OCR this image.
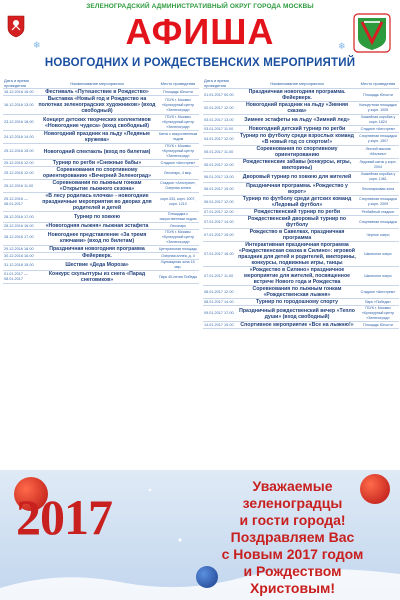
ЗЕЛЕНОГРАДСКИЙ АДМИНИСТРАТИВНЫЙ ОКРУГ ГОРОДА МОСКВЫ
АФИША
НОВОГОДНИХ И РОЖДЕСТВЕНСКИХ МЕРОПРИЯТИЙ
❄	❄
Дата и время проведения	Наименование мероприятия	Место проведения
16.12.2016 16.00	Фестиваль «Путешествие в Рождество»	Площадь Юности
16.12.2016 13.00	Выставка «Новый год и Рождество на полотнах зеленоградских художников» (вход свободный)	ГБУК г. Москвы «Культурный центр «Зеленоград»
23.12.2016 18.00	Концерт детских творческих коллективов «Новогодние чудеса» (вход свободный)	ГБУК г. Москвы «Культурный центр «Зеленоград»
24.12.2016 14.00	Новогодний праздник на льду «Ледяные кружева»	Каток с искусственным льдом
25.12.2016 15.00	Новогодний спектакль (вход по билетам)	ГБУК г. Москвы «Культурный центр «Зеленоград»
25.12.2016 12.00	Турнир по регби «Снежные бабы»	Стадион «Ангстрем»
25.12.2016 12.00	Соревнования по спортивному ориентированию «Вечерний Зеленоград»	Лесопарк, 4 мкр.
25.12.2016 11.00	Соревнования по лыжным гонкам «Открытие лыжного сезона»	Стадион «Ангстрем», Озерная аллея
25.12.2016 — 08.01.2017	«В лесу родилась елочка» - новогодние праздничные мероприятия во дворах для родителей и детей	корп.333, корп. 1007, корп. 1210
28.12.2016 17.00	Турнир по хоккею	Площадка с искусственным льдом
28.12.2016 16.00	«Новогодняя лыжня» лыжная эстафета	Лесопарк
28.12.2016 17.00	Новогоднее представление «За тремя ключами» (вход по билетам)	ГБУК г. Москвы «Культурный центр «Зеленоград»
29.12.2016 18.00	Праздничная новогодняя программа	Центральная площадь
30.12.2016 16.00	Фейерверк.	Озерная аллея, д. 4
31.12.2016 15.00	Шествие «Деда Мороза»	Бульварная зона 15 мкр.
01.01.2017 — 08.01.2017	Конкурс скульптуры из снега «Парад снеговиков»	Парк 40-летия Победы
Дата и время проведения	Наименование мероприятия	Место проведения
01.01.2017 00.00	Праздничная новогодняя программа. Фейерверк.	Площадь Юности
02.01.2017 12.00	Новогодний праздник на льду «Зимняя сказка»	Концертная площадка у корп. 1005
03.01.2017 13.00	Зимнее эстафеты на льду «Зимний лед»	Хоккейная коробка у корп. 1824
03.01.2017 11.00	Новогодний детский турнир по регби	Стадион «Ангстрем»
04.01.2017 12.00	Турнир по футболу среди взрослых команд «В новый год со спортом!»	Спортивная площадка у корп. 1507
05.01.2017 11.00	Соревнования по спортивному ориентированию	Лесной массив «Малино»
05.01.2017 12.00	Рождественские забавы (конкурсы, игры, викторины)	Ледовый каток у корп. 2004
06.01.2017 13.00	Дворовый турнир по хоккею для жителей	Хоккейная коробка у корп. 1461
06.01.2017 15.00	Праздничная программа. «Рождество у ворот»	Лесопарковая зона
06.01.2017 12.00	Турнир по футболу среди детских команд «Ледовый футбол»	Спортивная площадка у корп. 2009
07.01.2017 12.00	Рождественский турнир по регби	Регбийный стадион
07.01.2017 14.00	Рождественский дворовый турнир по футболу	Спортивная площадка
07.01.2017 15.00	Рождество в Савелках, праздничная программа	Черное озеро
07.01.2017 16.00	Интерактивная праздничная программа «Рождественская сказка в Силино»: игровой праздник для детей и родителей, викторины, конкурсы, подвижные игры, танцы	Школьное озеро
07.01.2017 11.00	«Рождество в Силино» праздничное мероприятие для жителей, посвященное встрече Нового года и Рождества	Школьное озеро
08.01.2017 12.00	Соревнования по лыжным гонкам «Рождественская лыжня»	Стадион «Ангстрем»
08.01.2017 14.00	Турнир по городошному спорту	Парк «Победы»
09.01.2017 17.00	Праздничный рождественский вечер «Тепло души» (вход свободный)	ГБУК г. Москвы «Культурный центр «Зеленоград»
14.01.2017 15.00	Спортивное мероприятие «Все на лыжню!»	Площадь Юности
2017
Уважаемые
зеленоградцы
и гости города!
Поздравляем Вас
с Новым 2017 годом
и Рождеством
Христовым!
